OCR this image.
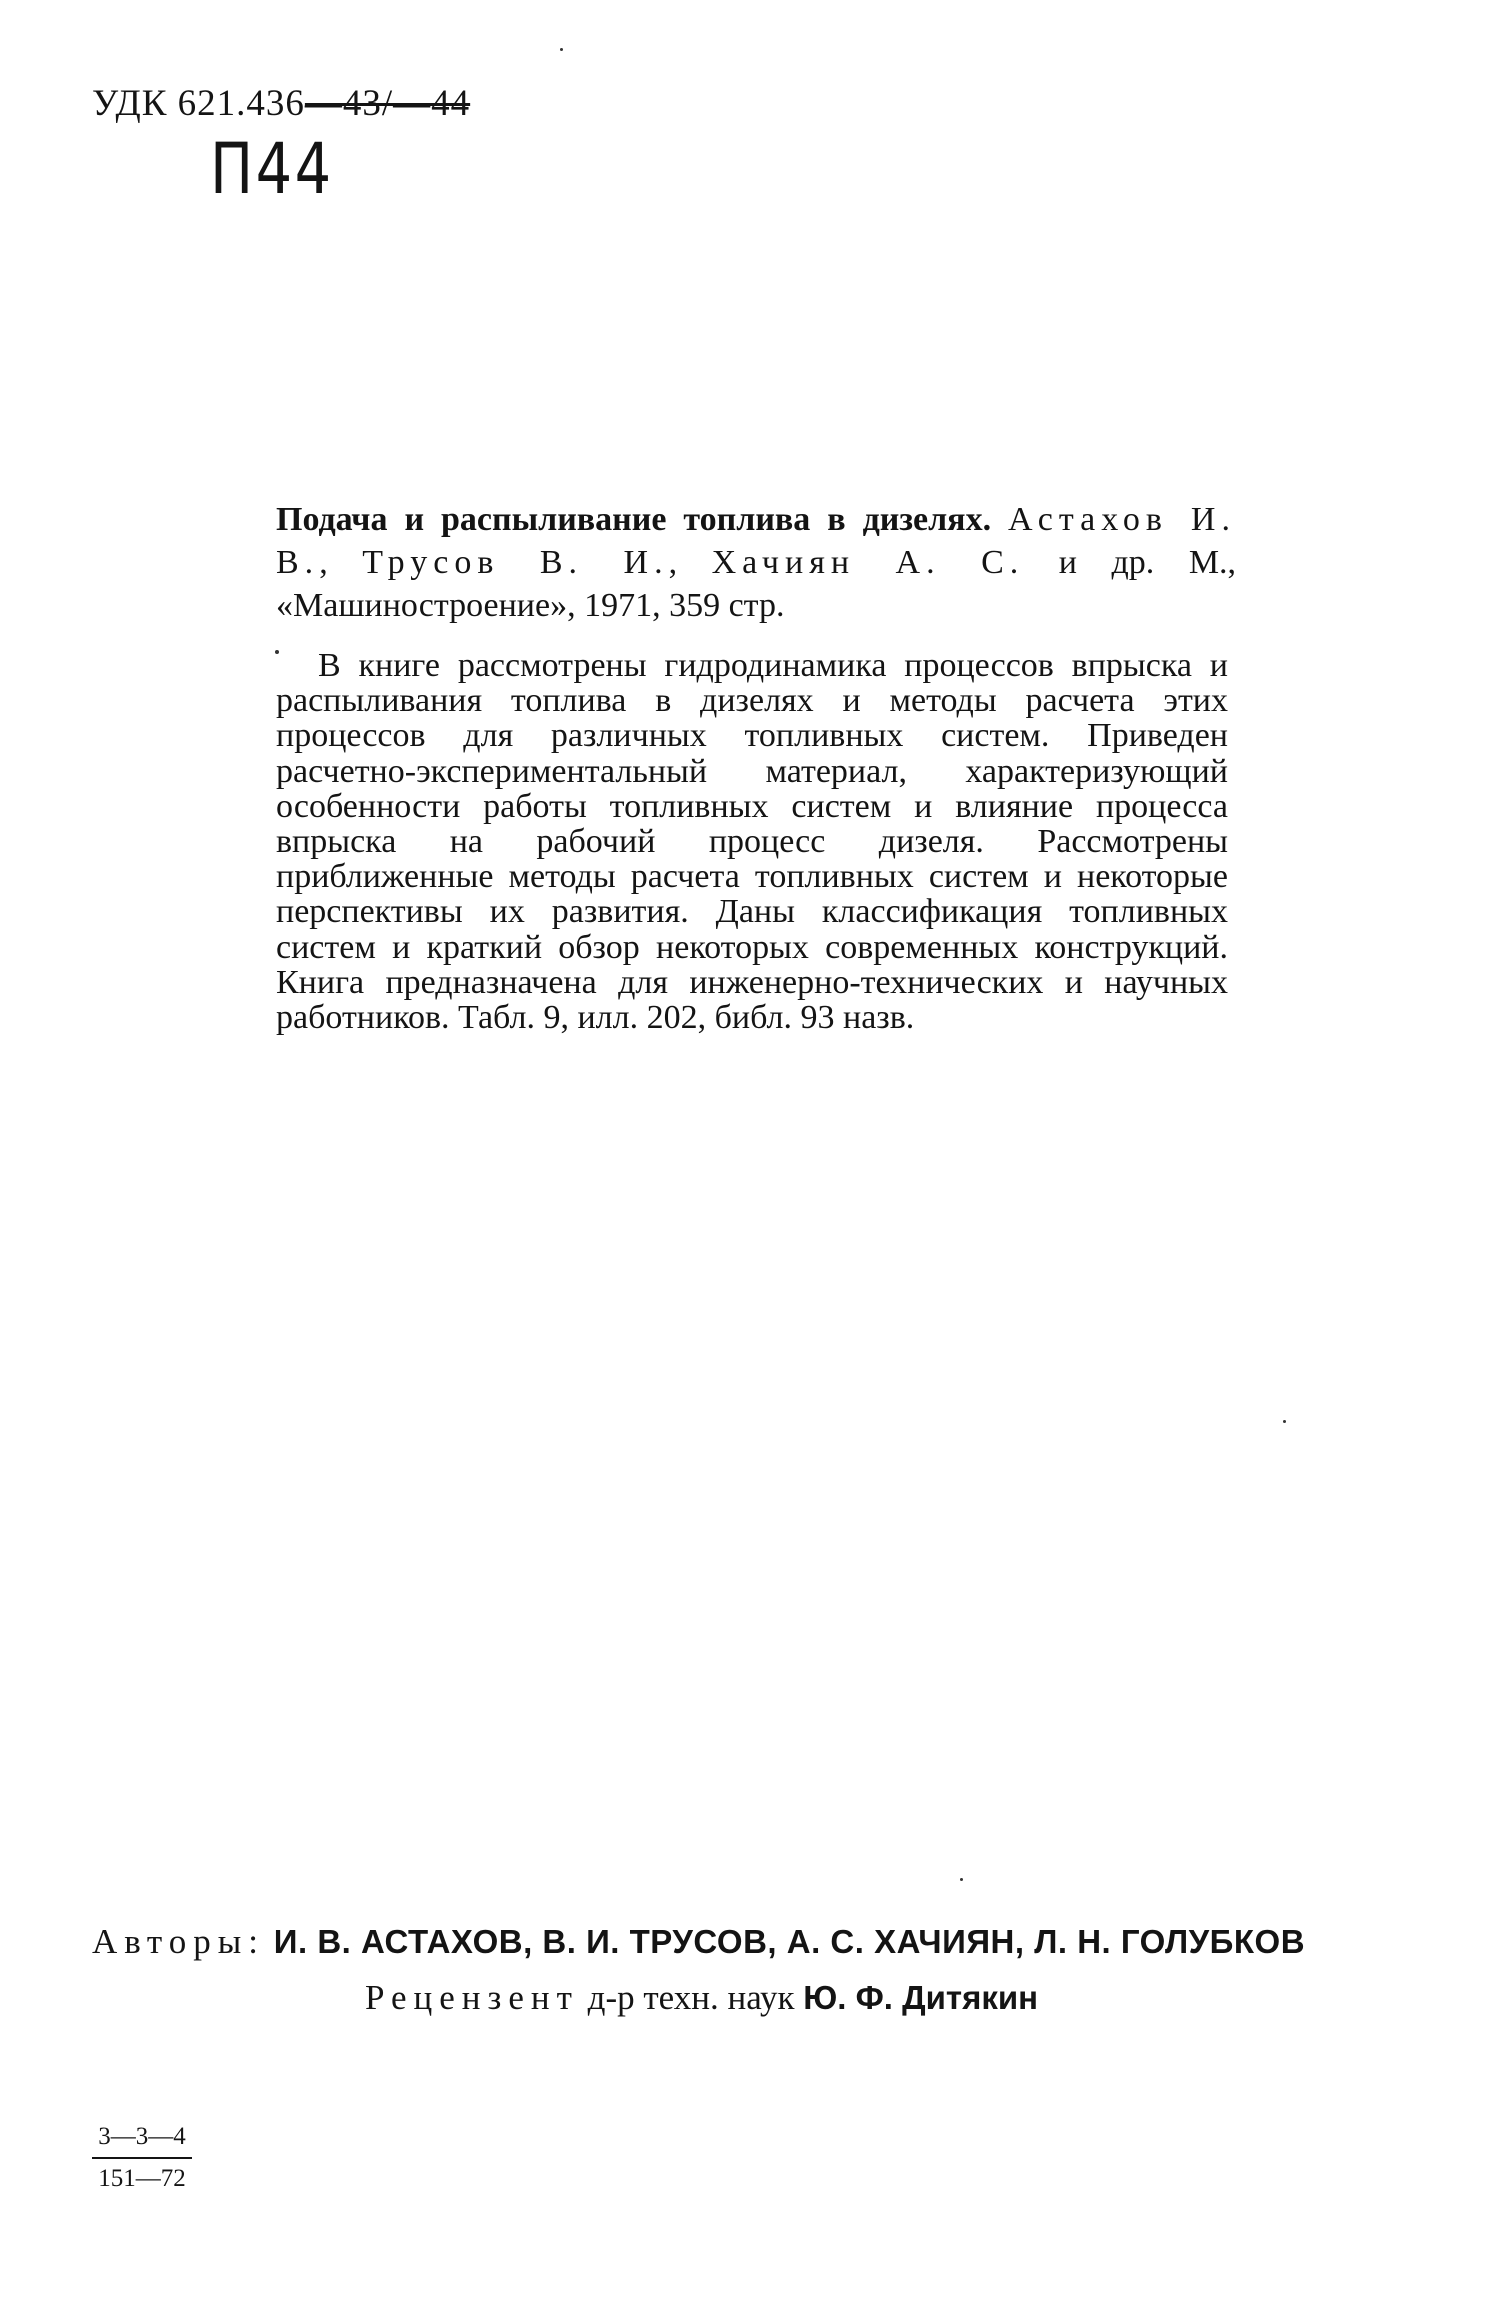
УДК 621.436—43/—44
П44
Подача и распыливание топлива в дизелях. Астахов И. В., Трусов В. И., Хачиян А. С. и др. М., «Машиностроение», 1971, 359 стр.

В книге рассмотрены гидродинамика процессов впрыска и распыливания топлива в дизелях и методы расчета этих процессов для различных топливных систем. Приведен расчетно-экспериментальный материал, характеризующий особенности работы топливных систем и влияние процесса впрыска на рабочий процесс дизеля. Рассмотрены приближенные методы расчета топливных систем и некоторые перспективы их развития. Даны классификация топливных систем и краткий обзор некоторых современных конструкций. Книга предназначена для инженерно-технических и научных работников. Табл. 9, илл. 202, библ. 93 назв.

Авторы: И. В. АСТАХОВ, В. И. ТРУСОВ, А. С. ХАЧИЯН, Л. Н. ГОЛУБКОВ
Рецензент д-р техн. наук Ю. Ф. Дитякин
$\frac{3—3—4}{151—72}$
